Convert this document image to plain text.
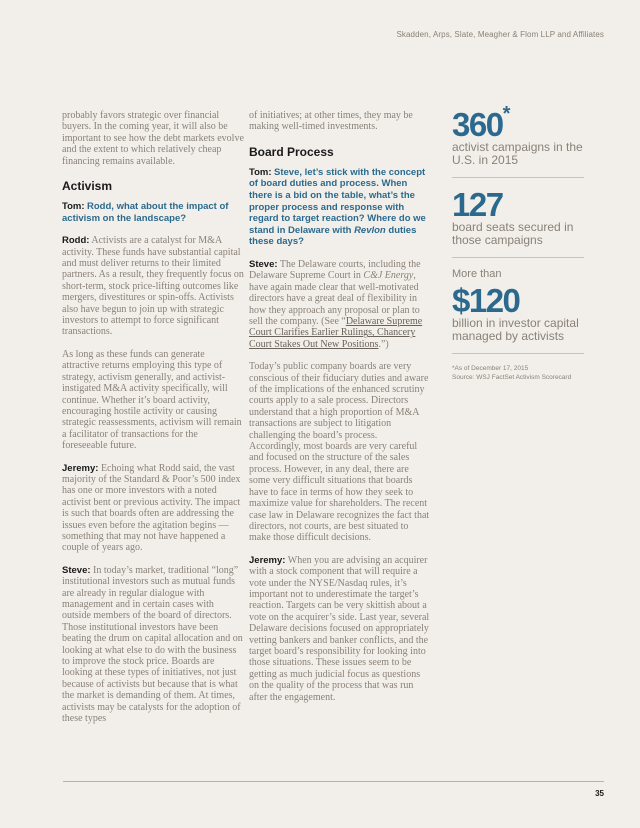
Skadden, Arps, Slate, Meagher & Flom LLP and Affiliates

probably favors strategic over financial buyers. In the coming year, it will also be important to see how the debt markets evolve and the extent to which relatively cheap financing remains available.

Activism

Tom: Rodd, what about the impact of activism on the landscape?

Rodd: Activists are a catalyst for M&A activity. These funds have substantial capital and must deliver returns to their limited partners. As a result, they frequently focus on short-term, stock price-lifting outcomes like mergers, divestitures or spin-offs. Activists also have begun to join up with strategic investors to attempt to force significant transactions.

As long as these funds can generate attractive returns employing this type of strategy, activism generally, and activist-instigated M&A activity specifically, will continue. Whether it’s board activity, encouraging hostile activity or causing strategic reassessments, activism will remain a facilitator of transactions for the foreseeable future.

Jeremy: Echoing what Rodd said, the vast majority of the Standard & Poor’s 500 index has one or more investors with a noted activist bent or previous activity. The impact is such that boards often are addressing the issues even before the agitation begins — something that may not have happened a couple of years ago.

Steve: In today’s market, traditional “long” institutional investors such as mutual funds are already in regular dialogue with management and in certain cases with outside members of the board of directors. Those institutional investors have been beating the drum on capital allocation and on looking at what else to do with the business to improve the stock price. Boards are looking at these types of initiatives, not just because of activists but because that is what the market is demanding of them. At times, activists may be catalysts for the adoption of these types

of initiatives; at other times, they may be making well-timed investments.

Board Process

Tom: Steve, let’s stick with the concept of board duties and process. When there is a bid on the table, what’s the proper process and response with regard to target reaction? Where do we stand in Delaware with Revlon duties these days?

Steve: The Delaware courts, including the Delaware Supreme Court in C&J Energy, have again made clear that well-motivated directors have a great deal of flexibility in how they approach any proposal or plan to sell the company. (See “Delaware Supreme Court Clarifies Earlier Rulings, Chancery Court Stakes Out New Positions.”)

Today’s public company boards are very conscious of their fiduciary duties and aware of the implications of the enhanced scrutiny courts apply to a sale process. Directors understand that a high proportion of M&A transactions are subject to litigation challenging the board’s process. Accordingly, most boards are very careful and focused on the structure of the sales process. However, in any deal, there are some very difficult situations that boards have to face in terms of how they seek to maximize value for shareholders. The recent case law in Delaware recognizes the fact that directors, not courts, are best situated to make those difficult decisions.

Jeremy: When you are advising an acquirer with a stock component that will require a vote under the NYSE/Nasdaq rules, it’s important not to underestimate the target’s reaction. Targets can be very skittish about a vote on the acquirer’s side. Last year, several Delaware decisions focused on appropriately vetting bankers and banker conflicts, and the target board’s responsibility for looking into those situations. These issues seem to be getting as much judicial focus as questions on the quality of the process that was run after the engagement.

360*
activist campaigns in the U.S. in 2015
127
board seats secured in those campaigns
More than
$120
billion in investor capital managed by activists
*As of December 17, 2015
Source: WSJ FactSet Activism Scorecard
35
